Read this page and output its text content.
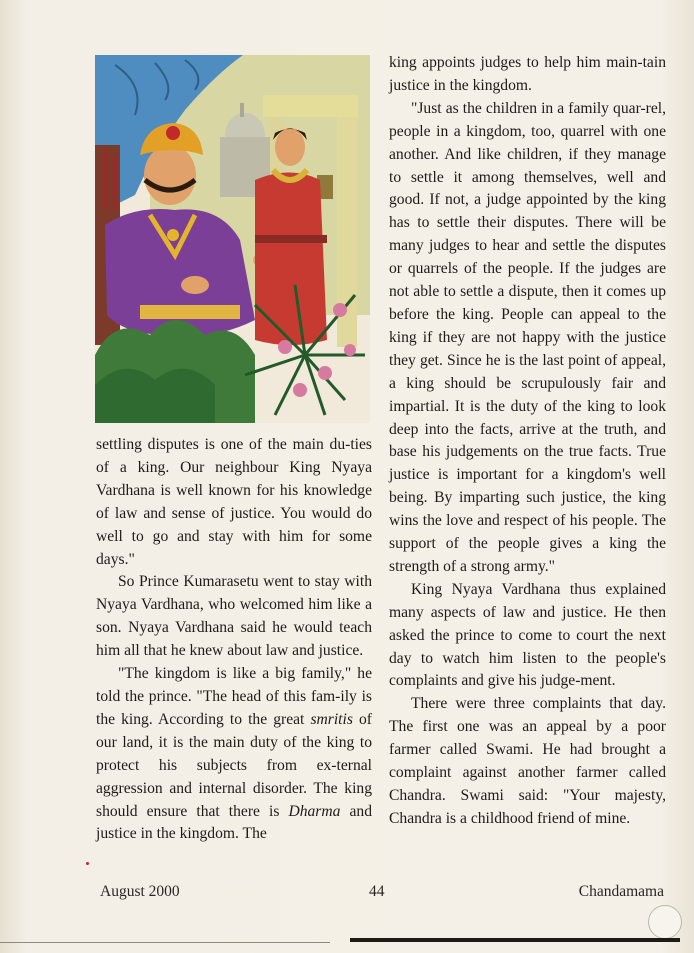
settling disputes is one of the main du-ties of a king. Our neighbour King Nyaya Vardhana is well known for his knowledge of law and sense of justice. You would do well to go and stay with him for some days."

So Prince Kumarasetu went to stay with Nyaya Vardhana, who welcomed him like a son. Nyaya Vardhana said he would teach him all that he knew about law and justice.

"The kingdom is like a big family," he told the prince. "The head of this fam-ily is the king. According to the great smritis of our land, it is the main duty of the king to protect his subjects from ex-ternal aggression and internal disorder. The king should ensure that there is Dharma and justice in the kingdom. The

king appoints judges to help him main-tain justice in the kingdom.

"Just as the children in a family quar-rel, people in a kingdom, too, quarrel with one another. And like children, if they manage to settle it among themselves, well and good. If not, a judge appointed by the king has to settle their disputes. There will be many judges to hear and settle the disputes or quarrels of the people. If the judges are not able to settle a dispute, then it comes up before the king. People can appeal to the king if they are not happy with the justice they get. Since he is the last point of appeal, a king should be scrupulously fair and impartial. It is the duty of the king to look deep into the facts, arrive at the truth, and base his judgements on the true facts. True justice is important for a kingdom's well being. By imparting such justice, the king wins the love and respect of his people. The support of the people gives a king the strength of a strong army."

King Nyaya Vardhana thus explained many aspects of law and justice. He then asked the prince to come to court the next day to watch him listen to the people's complaints and give his judge-ment.

There were three complaints that day. The first one was an appeal by a poor farmer called Swami. He had brought a complaint against another farmer called Chandra. Swami said: "Your majesty, Chandra is a childhood friend of mine.

August 2000	44	Chandamama
